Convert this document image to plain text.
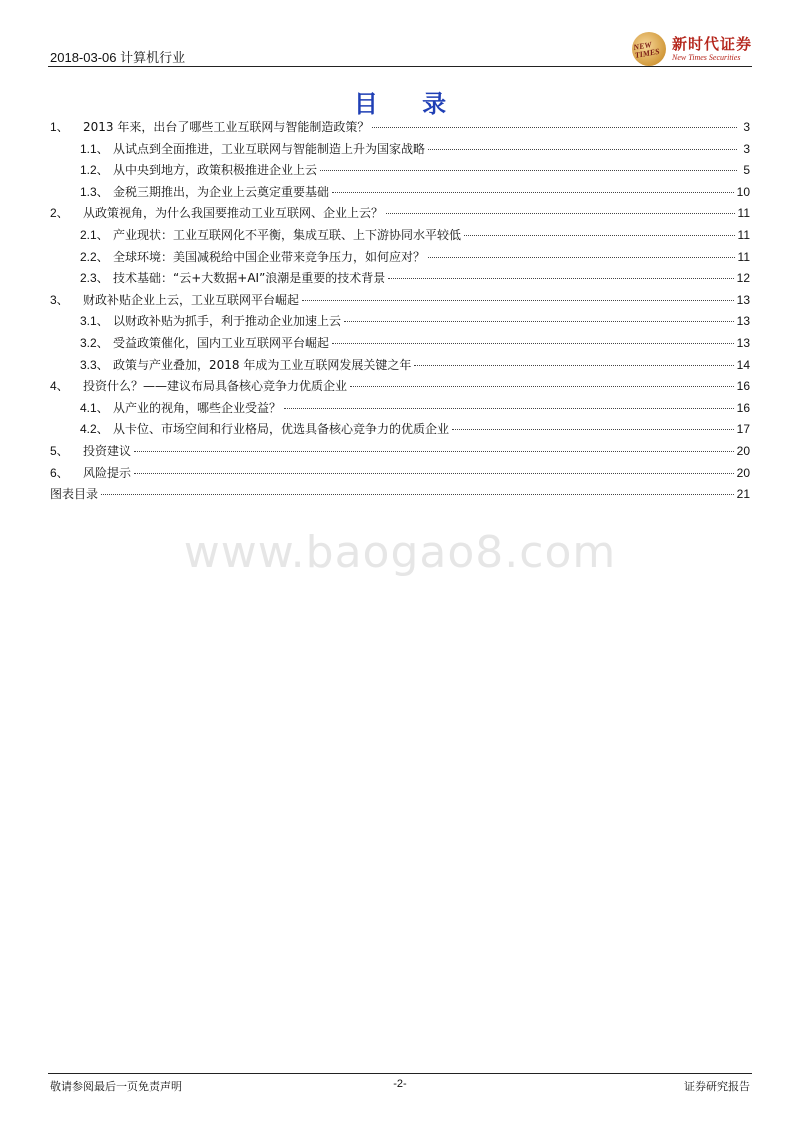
2018-03-06 计算机行业
NEW TIMES
新时代证券
New Times Securities
目 录
1、	2013 年来，出台了哪些工业互联网与智能制造政策？	3
1.1、 从试点到全面推进，工业互联网与智能制造上升为国家战略	3
1.2、 从中央到地方，政策积极推进企业上云	5
1.3、 金税三期推出，为企业上云奠定重要基础	10
2、	从政策视角，为什么我国要推动工业互联网、企业上云？	11
2.1、 产业现状：工业互联网化不平衡，集成互联、上下游协同水平较低	11
2.2、 全球环境：美国减税给中国企业带来竞争压力，如何应对？	11
2.3、 技术基础：“云+大数据+AI”浪潮是重要的技术背景	12
3、	财政补贴企业上云，工业互联网平台崛起	13
3.1、 以财政补贴为抓手，利于推动企业加速上云	13
3.2、 受益政策催化，国内工业互联网平台崛起	13
3.3、 政策与产业叠加，2018 年成为工业互联网发展关键之年	14
4、	投资什么？——建议布局具备核心竞争力优质企业	16
4.1、 从产业的视角，哪些企业受益？	16
4.2、 从卡位、市场空间和行业格局，优选具备核心竞争力的优质企业	17
5、	投资建议	20
6、	风险提示	20
图表目录	21
www.baogao8.com
敬请参阅最后一页免责声明	-2-	证券研究报告
